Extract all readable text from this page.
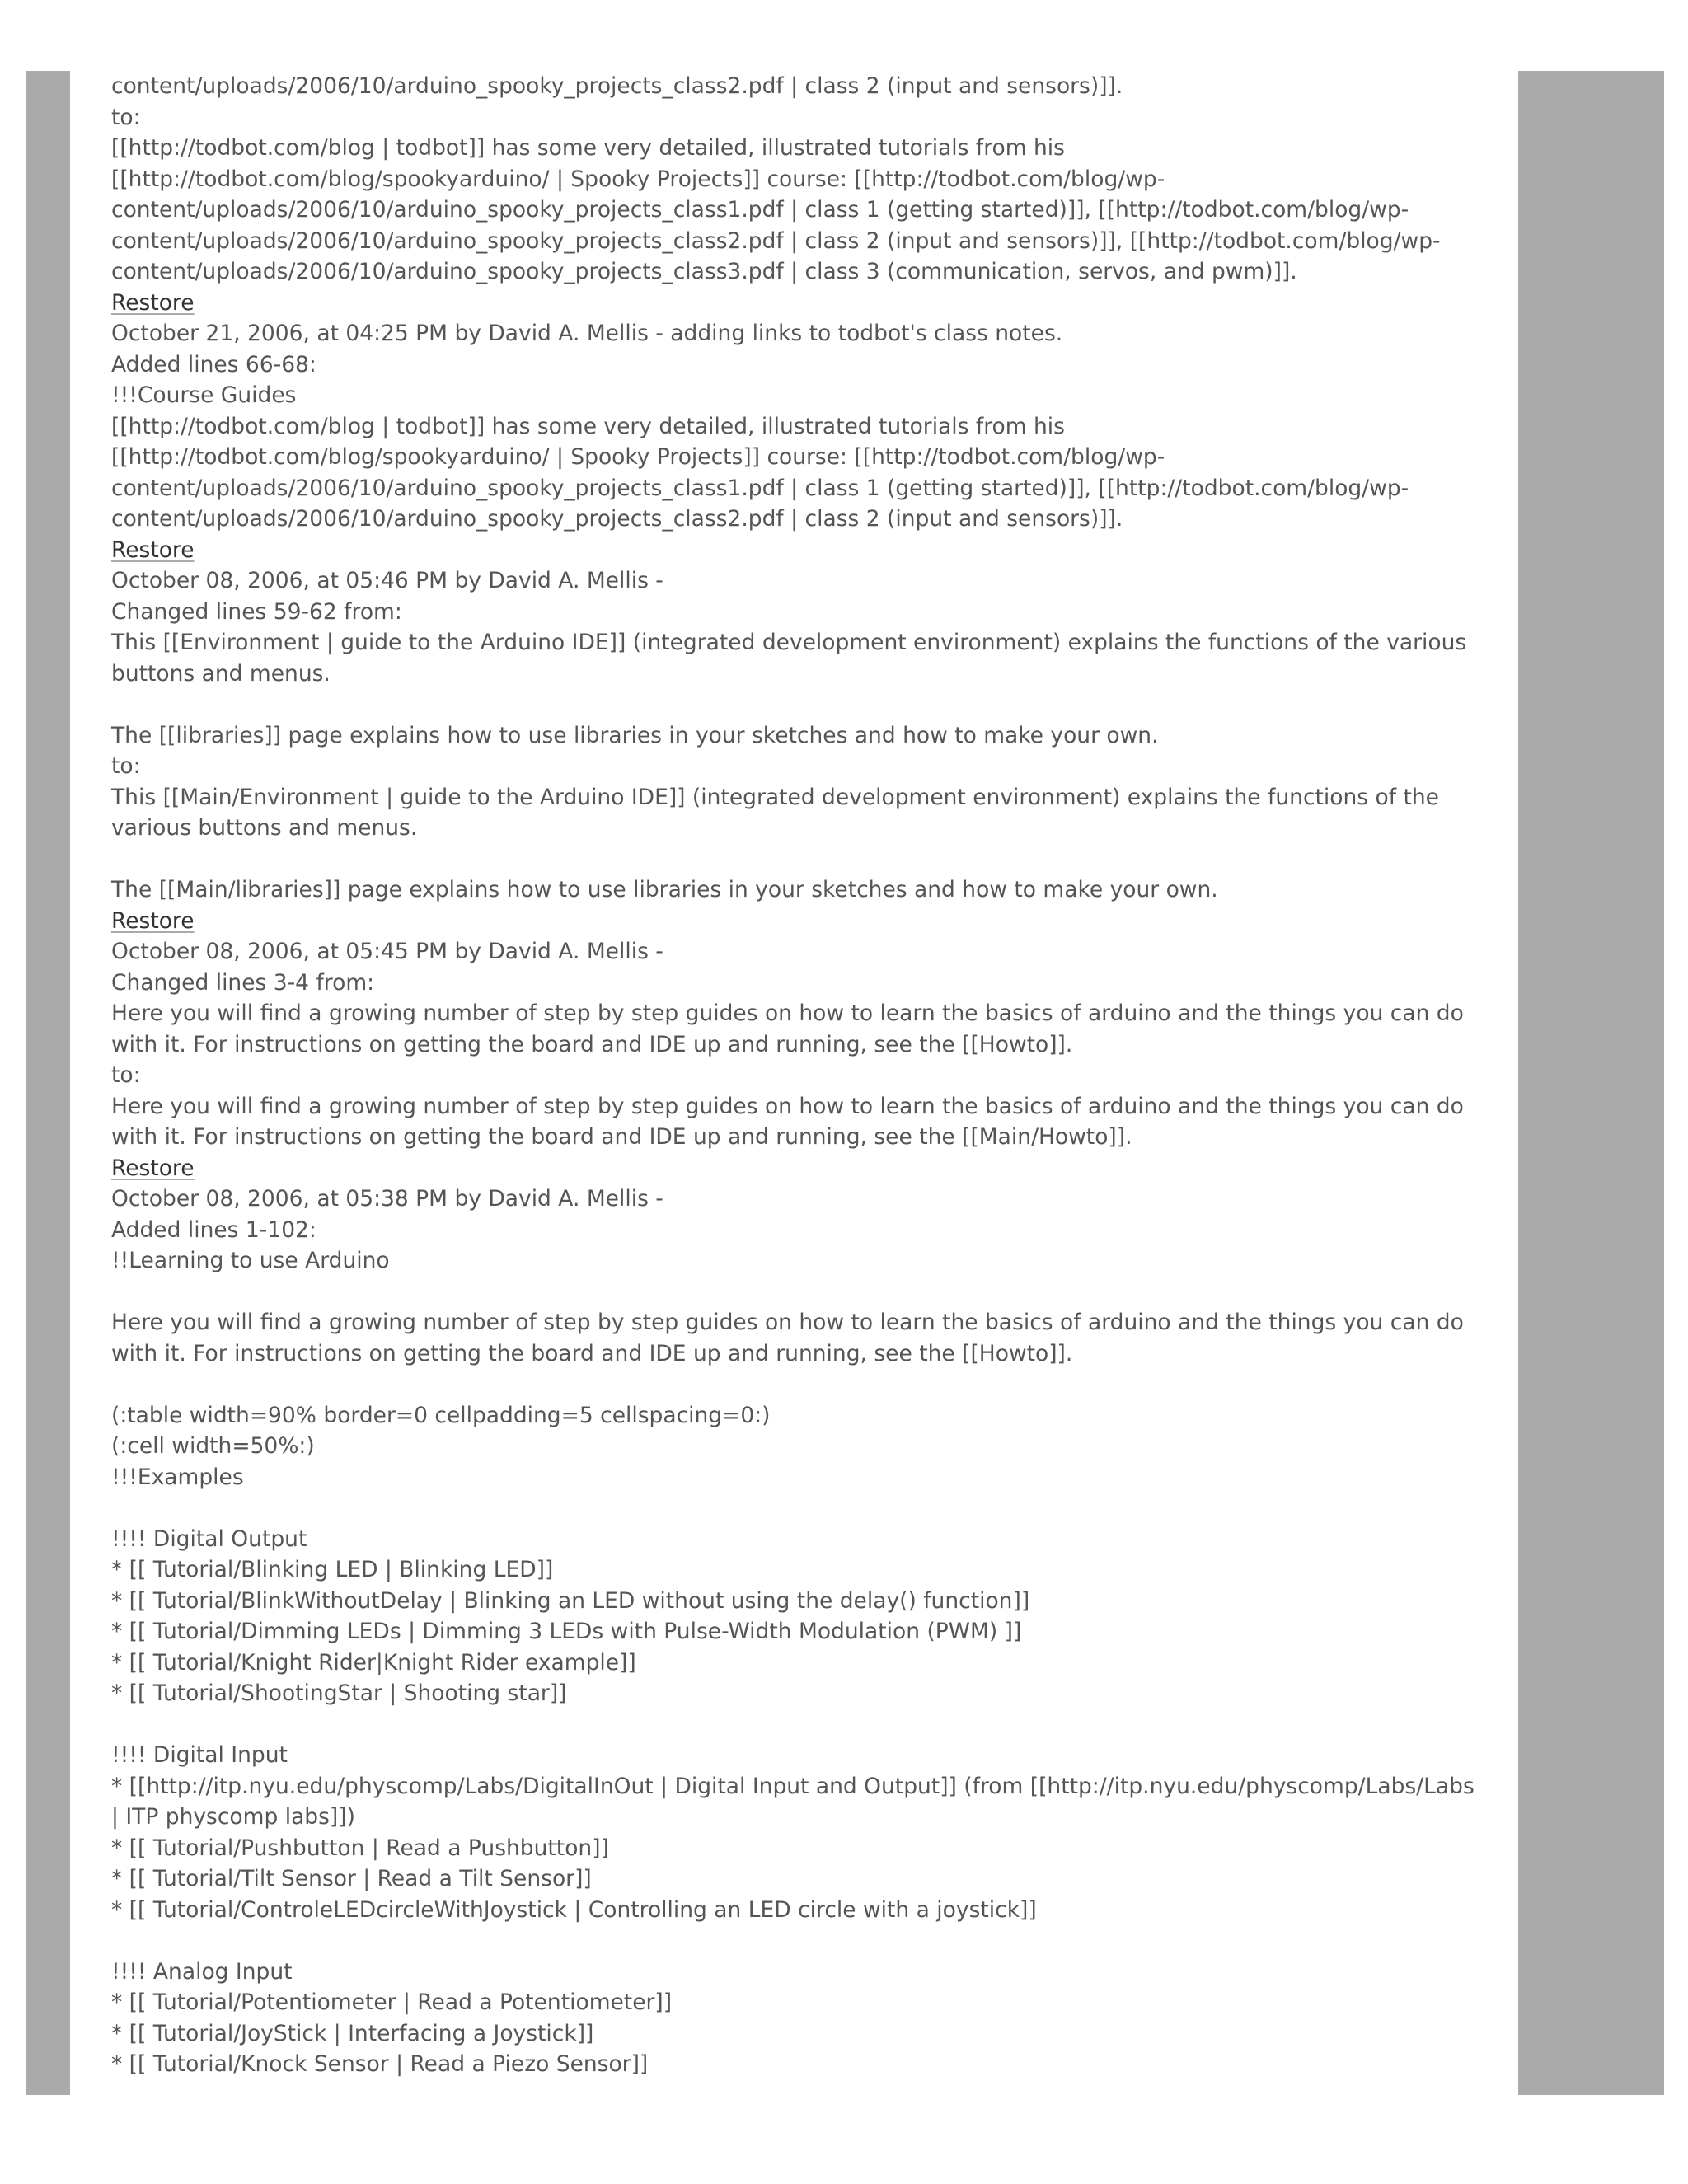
content/uploads/2006/10/arduino_spooky_projects_class2.pdf | class 2 (input and sensors)]].
to:
[[http://todbot.com/blog | todbot]] has some very detailed, illustrated tutorials from his
[[http://todbot.com/blog/spookyarduino/ | Spooky Projects]] course: [[http://todbot.com/blog/wp-
content/uploads/2006/10/arduino_spooky_projects_class1.pdf | class 1 (getting started)]], [[http://todbot.com/blog/wp-
content/uploads/2006/10/arduino_spooky_projects_class2.pdf | class 2 (input and sensors)]], [[http://todbot.com/blog/wp-
content/uploads/2006/10/arduino_spooky_projects_class3.pdf | class 3 (communication, servos, and pwm)]].
Restore
October 21, 2006, at 04:25 PM by David A. Mellis - adding links to todbot's class notes.
Added lines 66-68:
!!!Course Guides
[[http://todbot.com/blog | todbot]] has some very detailed, illustrated tutorials from his
[[http://todbot.com/blog/spookyarduino/ | Spooky Projects]] course: [[http://todbot.com/blog/wp-
content/uploads/2006/10/arduino_spooky_projects_class1.pdf | class 1 (getting started)]], [[http://todbot.com/blog/wp-
content/uploads/2006/10/arduino_spooky_projects_class2.pdf | class 2 (input and sensors)]].
Restore
October 08, 2006, at 05:46 PM by David A. Mellis -
Changed lines 59-62 from:
This [[Environment | guide to the Arduino IDE]] (integrated development environment) explains the functions of the various
buttons and menus.
The [[libraries]] page explains how to use libraries in your sketches and how to make your own.
to:
This [[Main/Environment | guide to the Arduino IDE]] (integrated development environment) explains the functions of the
various buttons and menus.
The [[Main/libraries]] page explains how to use libraries in your sketches and how to make your own.
Restore
October 08, 2006, at 05:45 PM by David A. Mellis -
Changed lines 3-4 from:
Here you will find a growing number of step by step guides on how to learn the basics of arduino and the things you can do
with it. For instructions on getting the board and IDE up and running, see the [[Howto]].
to:
Here you will find a growing number of step by step guides on how to learn the basics of arduino and the things you can do
with it. For instructions on getting the board and IDE up and running, see the [[Main/Howto]].
Restore
October 08, 2006, at 05:38 PM by David A. Mellis -
Added lines 1-102:
!!Learning to use Arduino
Here you will find a growing number of step by step guides on how to learn the basics of arduino and the things you can do
with it. For instructions on getting the board and IDE up and running, see the [[Howto]].
(:table width=90% border=0 cellpadding=5 cellspacing=0:)
(:cell width=50%:)
!!!Examples
!!!! Digital Output
* [[ Tutorial/Blinking LED | Blinking LED]]
* [[ Tutorial/BlinkWithoutDelay | Blinking an LED without using the delay() function]]
* [[ Tutorial/Dimming LEDs | Dimming 3 LEDs with Pulse-Width Modulation (PWM) ]]
* [[ Tutorial/Knight Rider|Knight Rider example]]
* [[ Tutorial/ShootingStar | Shooting star]]
!!!! Digital Input
* [[http://itp.nyu.edu/physcomp/Labs/DigitalInOut | Digital Input and Output]] (from [[http://itp.nyu.edu/physcomp/Labs/Labs
| ITP physcomp labs]])
* [[ Tutorial/Pushbutton | Read a Pushbutton]]
* [[ Tutorial/Tilt Sensor | Read a Tilt Sensor]]
* [[ Tutorial/ControleLEDcircleWithJoystick | Controlling an LED circle with a joystick]]
!!!! Analog Input
* [[ Tutorial/Potentiometer | Read a Potentiometer]]
* [[ Tutorial/JoyStick | Interfacing a Joystick]]
* [[ Tutorial/Knock Sensor | Read a Piezo Sensor]]
